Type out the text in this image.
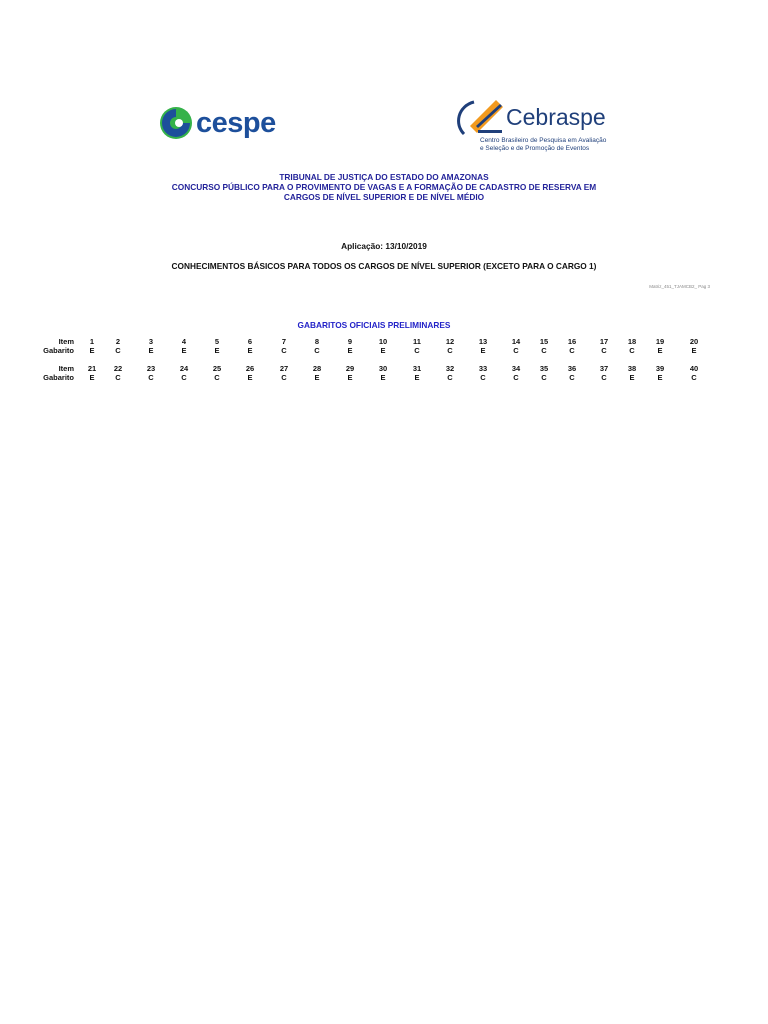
cespe	Cebraspe
Centro Brasileiro de Pesquisa em Avaliação
e Seleção e de Promoção de Eventos
TRIBUNAL DE JUSTIÇA DO ESTADO DO AMAZONAS
CONCURSO PÚBLICO PARA O PROVIMENTO DE VAGAS E A FORMAÇÃO DE CADASTRO DE RESERVA EM
CARGOS DE NÍVEL SUPERIOR E DE NÍVEL MÉDIO
Aplicação: 13/10/2019
CONHECIMENTOS BÁSICOS PARA TODOS OS CARGOS DE NÍVEL SUPERIOR (EXCETO PARA O CARGO 1)
Matriz_451_TJAMCB2_ Pag 3
GABARITOS OFICIAIS PRELIMINARES
Item	1	2	3	4	5	6	7	8	9	10	11	12	13	14	15	16	17	18	19	20
Gabarito	E	C	E	E	E	E	C	C	E	E	C	C	E	C	C	C	C	C	E	E
Item	21	22	23	24	25	26	27	28	29	30	31	32	33	34	35	36	37	38	39	40
Gabarito	E	C	C	C	C	E	C	E	E	E	E	C	C	C	C	C	C	E	E	C
